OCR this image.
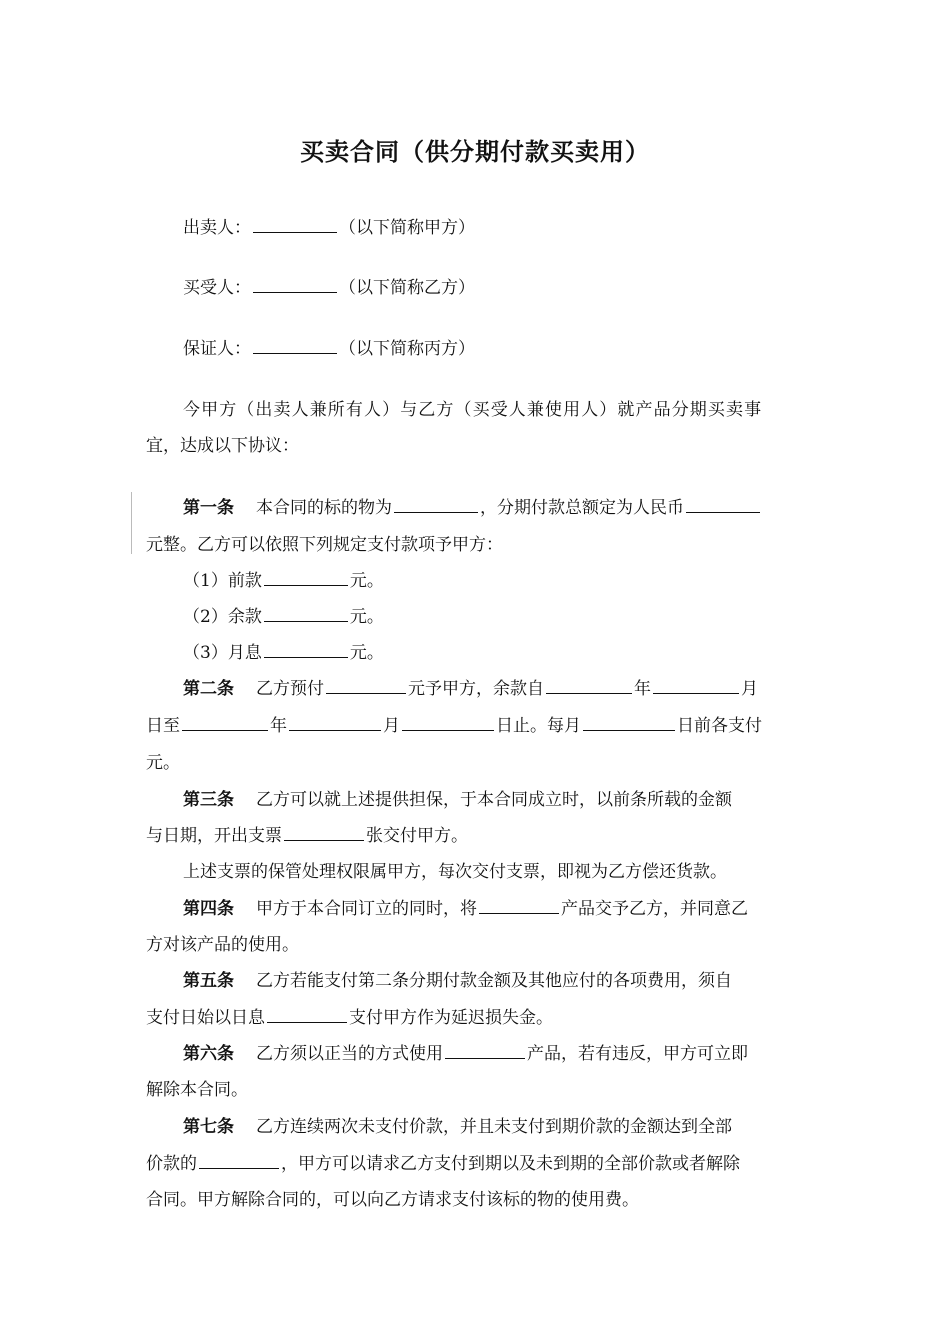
买卖合同（供分期付款买卖用）
出卖人：	（以下简称甲方）
买受人：	（以下简称乙方）
保证人：	（以下简称丙方）
今甲方（出卖人兼所有人）与乙方（买受人兼使用人）就产品分期买卖事
宜，达成以下协议：
第一条 本合同的标的物为	，分期付款总额定为人民币
元整。乙方可以依照下列规定支付款项予甲方：
（1）前款	元。
（2）余款	元。
（3）月息	元。
第二条 乙方预付	元予甲方，余款自	年	月
日至	年	月	日止。每月	日前各支付
元。
第三条 乙方可以就上述提供担保，于本合同成立时，以前条所载的金额
与日期，开出支票	张交付甲方。
上述支票的保管处理权限属甲方，每次交付支票，即视为乙方偿还货款。
第四条 甲方于本合同订立的同时，将	产品交予乙方，并同意乙
方对该产品的使用。
第五条 乙方若能支付第二条分期付款金额及其他应付的各项费用，须自
支付日始以日息	支付甲方作为延迟损失金。
第六条 乙方须以正当的方式使用	产品，若有违反，甲方可立即
解除本合同。
第七条 乙方连续两次未支付价款，并且未支付到期价款的金额达到全部
价款的	，甲方可以请求乙方支付到期以及未到期的全部价款或者解除
合同。甲方解除合同的，可以向乙方请求支付该标的物的使用费。
